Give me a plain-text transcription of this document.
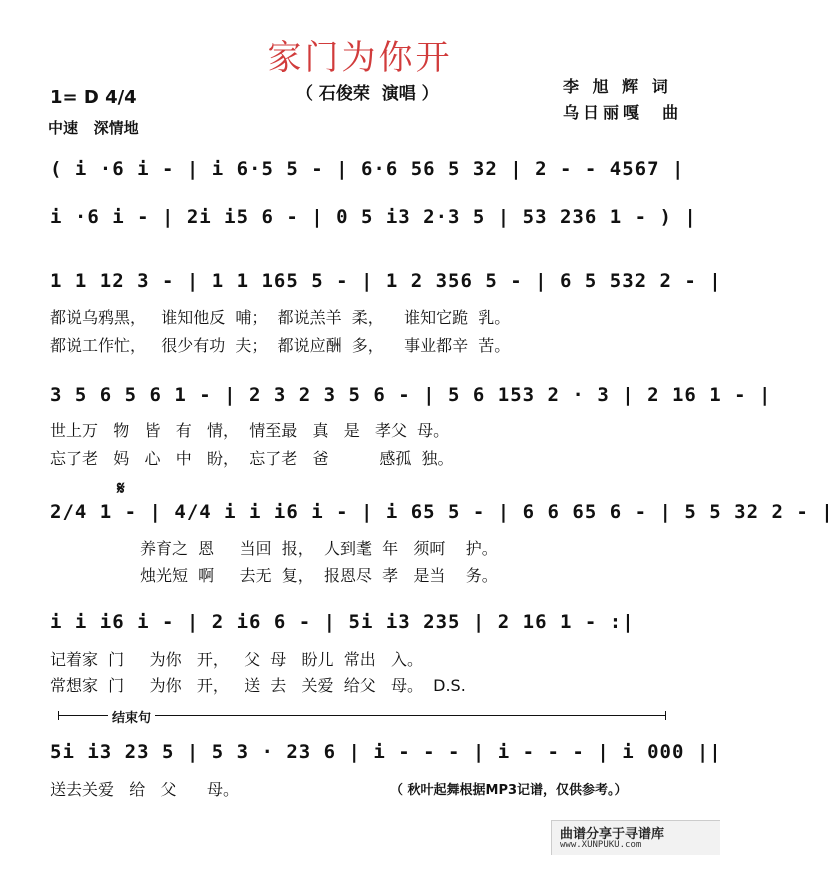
家门为你开
（ 石俊荣  演唱 ）	李 旭 辉 词
乌日丽嘎  曲
1= D 4/4
中速   深情地
( i ·6 i - | i 6·5 5 - | 6·6 56 5 32 | 2 - - 4567 |
i ·6 i - | 2i i5 6 - | 0 5 i3 2·3 5 | 53 236 1 - ) |
1 1 12 3 - | 1 1 165 5 - | 1 2 356 5 - | 6 5 532 2 - |
都说乌鸦黑，   谁知他反  哺；  都说羔羊  柔，    谁知它跪  乳。
都说工作忙，   很少有功  夫；  都说应酬  多，    事业都辛  苦。
3 5 6 5 6 1 - | 2 3 2 3 5 6 - | 5 6 153 2 · 3 | 2 16 1 - |
世上万   物   皆   有   情，  情至最   真   是   孝父  母。
忘了老   妈   心   中   盼，  忘了老   爸          感孤  独。
𝄋
2/4 1 - | 4/4 i i i6 i - | i 65 5 - | 6 6 65 6 - | 5 5 32 2 - |
养育之  恩     当回  报，  人到耄  年   须呵    护。
烛光短  啊     去无  复，  报恩尽  孝   是当    务。
i i i6 i - | 2 i6 6 - | 5i i3 235 | 2 16 1 - :|
记着家  门     为你   开，   父  母   盼儿  常出   入。
常想家  门     为你   开，   送  去   关爱  给父   母。  D.S.
结束句
5i i3 23 5 | 5 3 · 23 6 | i - - - | i - - - | i 000 ||
送去关爱   给   父      母。	（ 秋叶起舞根据MP3记谱，仅供参考。）

曲谱分享于寻谱库

www.XUNPUKU.com
